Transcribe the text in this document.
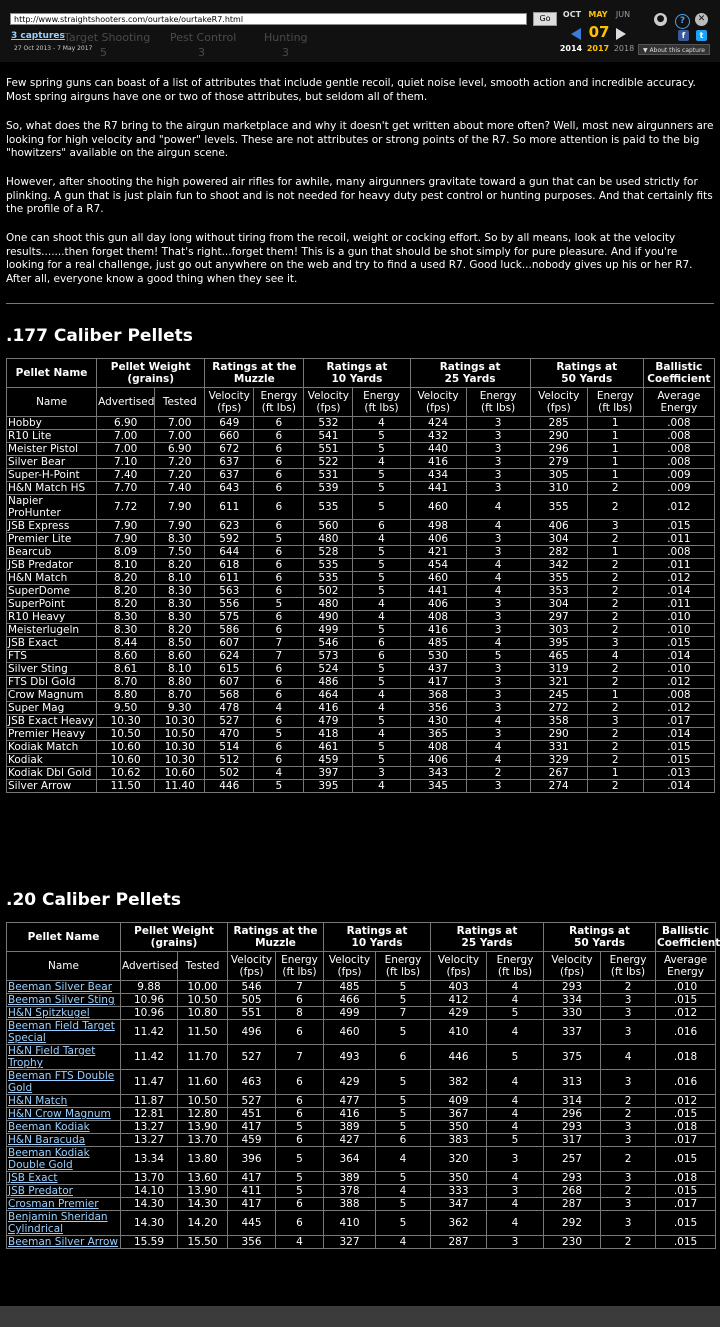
Target Shooting Pest Control	Hunting
5	3	3
http://www.straightshooters.com/ourtake/ourtakeR7.html	Go
3 captures
27 Oct 2013 - 7 May 2017
OCT MAY	JUN
07
2014 2017 2018
●	?	✕
f	t
▼ About this capture

Few spring guns can boast of a list of attributes that include gentle recoil, quiet noise level, smooth action and incredible accuracy. Most spring airguns have one or two of those attributes, but seldom all of them.

So, what does the R7 bring to the airgun marketplace and why it doesn't get written about more often? Well, most new airgunners are looking for high velocity and "power" levels. These are not attributes or strong points of the R7. So more attention is paid to the big "howitzers" available on the airgun scene.

However, after shooting the high powered air rifles for awhile, many airgunners gravitate toward a gun that can be used strictly for plinking. A gun that is just plain fun to shoot and is not needed for heavy duty pest control or hunting purposes. And that certainly fits the profile of a R7.

One can shoot this gun all day long without tiring from the recoil, weight or cocking effort. So by all means, look at the velocity results.......then forget them! That's right...forget them! This is a gun that should be shot simply for pure pleasure. And if you're looking for a real challenge, just go out anywhere on the web and try to find a used R7. Good luck...nobody gives up his or her R7. After all, everyone know a good thing when they see it.

.177 Caliber Pellets
Pellet Name	Pellet Weight
(grains)		Ratings at the
Muzzle		Ratings at
10 Yards		Ratings at
25 Yards		Ratings at
50 Yards		Ballistic
Coefficient
Name	Advertised	Tested	Velocity
(fps)	Energy
(ft lbs)	Velocity
(fps)	Energy
(ft lbs)	Velocity
(fps)	Energy
(ft lbs)	Velocity
(fps)	Energy
(ft lbs)	Average
Energy
Hobby	6.90	7.00	649	6	532	4	424	3	285	1	.008
R10 Lite	7.00	7.00	660	6	541	5	432	3	290	1	.008
Meister Pistol	7.00	6.90	672	6	551	5	440	3	296	1	.008
Silver Bear	7.10	7.20	637	6	522	4	416	3	279	1	.008
Super-H-Point	7.40	7.20	637	6	531	5	434	3	305	1	.009
H&N Match HS	7.70	7.40	643	6	539	5	441	3	310	2	.009
Napier ProHunter	7.72	7.90	611	6	535	5	460	4	355	2	.012
JSB Express	7.90	7.90	623	6	560	6	498	4	406	3	.015
Premier Lite	7.90	8.30	592	5	480	4	406	3	304	2	.011
Bearcub	8.09	7.50	644	6	528	5	421	3	282	1	.008
JSB Predator	8.10	8.20	618	6	535	5	454	4	342	2	.011
H&N Match	8.20	8.10	611	6	535	5	460	4	355	2	.012
SuperDome	8.20	8.30	563	6	502	5	441	4	353	2	.014
SuperPoint	8.20	8.30	556	5	480	4	406	3	304	2	.011
R10 Heavy	8.30	8.30	575	6	490	4	408	3	297	2	.010
Meisterlugeln	8.30	8.20	586	6	499	5	416	3	303	2	.010
JSB Exact	8.44	8.50	607	7	546	6	485	4	395	3	.015
FTS	8.60	8.60	624	7	573	6	530	5	465	4	.014
Silver Sting	8.61	8.10	615	6	524	5	437	3	319	2	.010
FTS Dbl Gold	8.70	8.80	607	6	486	5	417	3	321	2	.012
Crow Magnum	8.80	8.70	568	6	464	4	368	3	245	1	.008
Super Mag	9.50	9.30	478	4	416	4	356	3	272	2	.012
JSB Exact Heavy	10.30	10.30	527	6	479	5	430	4	358	3	.017
Premier Heavy	10.50	10.50	470	5	418	4	365	3	290	2	.014
Kodiak Match	10.60	10.30	514	6	461	5	408	4	331	2	.015
Kodiak	10.60	10.30	512	6	459	5	406	4	329	2	.015
Kodiak Dbl Gold	10.62	10.60	502	4	397	3	343	2	267	1	.013
Silver Arrow	11.50	11.40	446	5	395	4	345	3	274	2	.014
.20 Caliber Pellets
Pellet Name	Pellet Weight
(grains)		Ratings at the
Muzzle		Ratings at
10 Yards		Ratings at
25 Yards		Ratings at
50 Yards		Ballistic
Coefficient
Name	Advertised	Tested	Velocity
(fps)	Energy
(ft lbs)	Velocity
(fps)	Energy
(ft lbs)	Velocity
(fps)	Energy
(ft lbs)	Velocity
(fps)	Energy
(ft lbs)	Average
Energy
Beeman Silver Bear	9.88	10.00	546	7	485	5	403	4	293	2	.010
Beeman Silver Sting	10.96	10.50	505	6	466	5	412	4	334	3	.015
H&N Spitzkugel	10.96	10.80	551	8	499	7	429	5	330	3	.012
Beeman Field Target Special	11.42	11.50	496	6	460	5	410	4	337	3	.016
H&N Field Target Trophy	11.42	11.70	527	7	493	6	446	5	375	4	.018
Beeman FTS Double Gold	11.47	11.60	463	6	429	5	382	4	313	3	.016
H&N Match	11.87	10.50	527	6	477	5	409	4	314	2	.012
H&N Crow Magnum	12.81	12.80	451	6	416	5	367	4	296	2	.015
Beeman Kodiak	13.27	13.90	417	5	389	5	350	4	293	3	.018
H&N Baracuda	13.27	13.70	459	6	427	6	383	5	317	3	.017
Beeman Kodiak Double Gold	13.34	13.80	396	5	364	4	320	3	257	2	.015
JSB Exact	13.70	13.60	417	5	389	5	350	4	293	3	.018
JSB Predator	14.10	13.90	411	5	378	4	333	3	268	2	.015
Crosman Premier	14.30	14.30	417	6	388	5	347	4	287	3	.017
Benjamin Sheridan Cylindrical	14.30	14.20	445	6	410	5	362	4	292	3	.015
Beeman Silver Arrow	15.59	15.50	356	4	327	4	287	3	230	2	.015
